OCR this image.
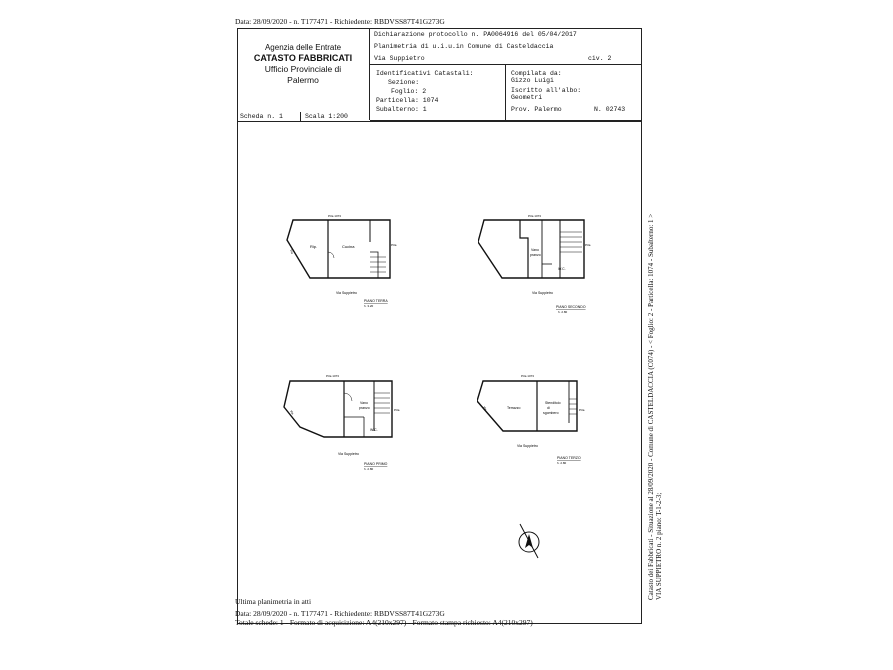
Data: 28/09/2020 - n. T177471 - Richiedente: RBDVSS87T41G273G
Agenzia delle Entrate
CATASTO FABBRICATI
Ufficio Provinciale di
Palermo
Dichiarazione protocollo n. PA0064916 del 05/04/2017
Planimetria di u.i.u.in Comune di Casteldaccia
Via Suppietro	civ. 2
Identificativi Catastali:
Sezione:
Foglio: 2
Particella: 1074
Subalterno: 1
Compilata da:
Gizzo Luigi
Iscritto all'albo:
Geometri
Prov. Palermo	N. 02743
Scheda n. 1	Scala 1:200
Rip.	Cucina
P.lla 1073
P.lla
Via Suppietro
PIANO TERRA
h. 3.20
Via	Vano
pranzo
W.C.
P.lla 1073
P.lla
Via Suppietro
PIANO SECONDO
h. 2.80
Vano
pranzo
W.C.
P.lla 1073
P.lla
Via Suppietro
PIANO PRIMO
h. 2.80
Via
Terrazzo
Stenditoio
di
sgombero
P.lla 1073
P.lla
Via Suppietro
PIANO TERZO
h. 2.80
Via
Ultima planimetria in atti
Data: 28/09/2020 - n. T177471 - Richiedente: RBDVSS87T41G273G
Totale schede: 1 - Formato di acquisizione: A4(210x297) - Formato stampa richiesto: A4(210x297)
Catasto dei Fabbricati - Situazione al 28/09/2020 - Comune di CASTELDACCIA (C074) - < Foglio: 2 - Particella: 1074 - Subalterno: 1 > VIA SUPPIETRO n. 2 piano: T-1-2-3;
